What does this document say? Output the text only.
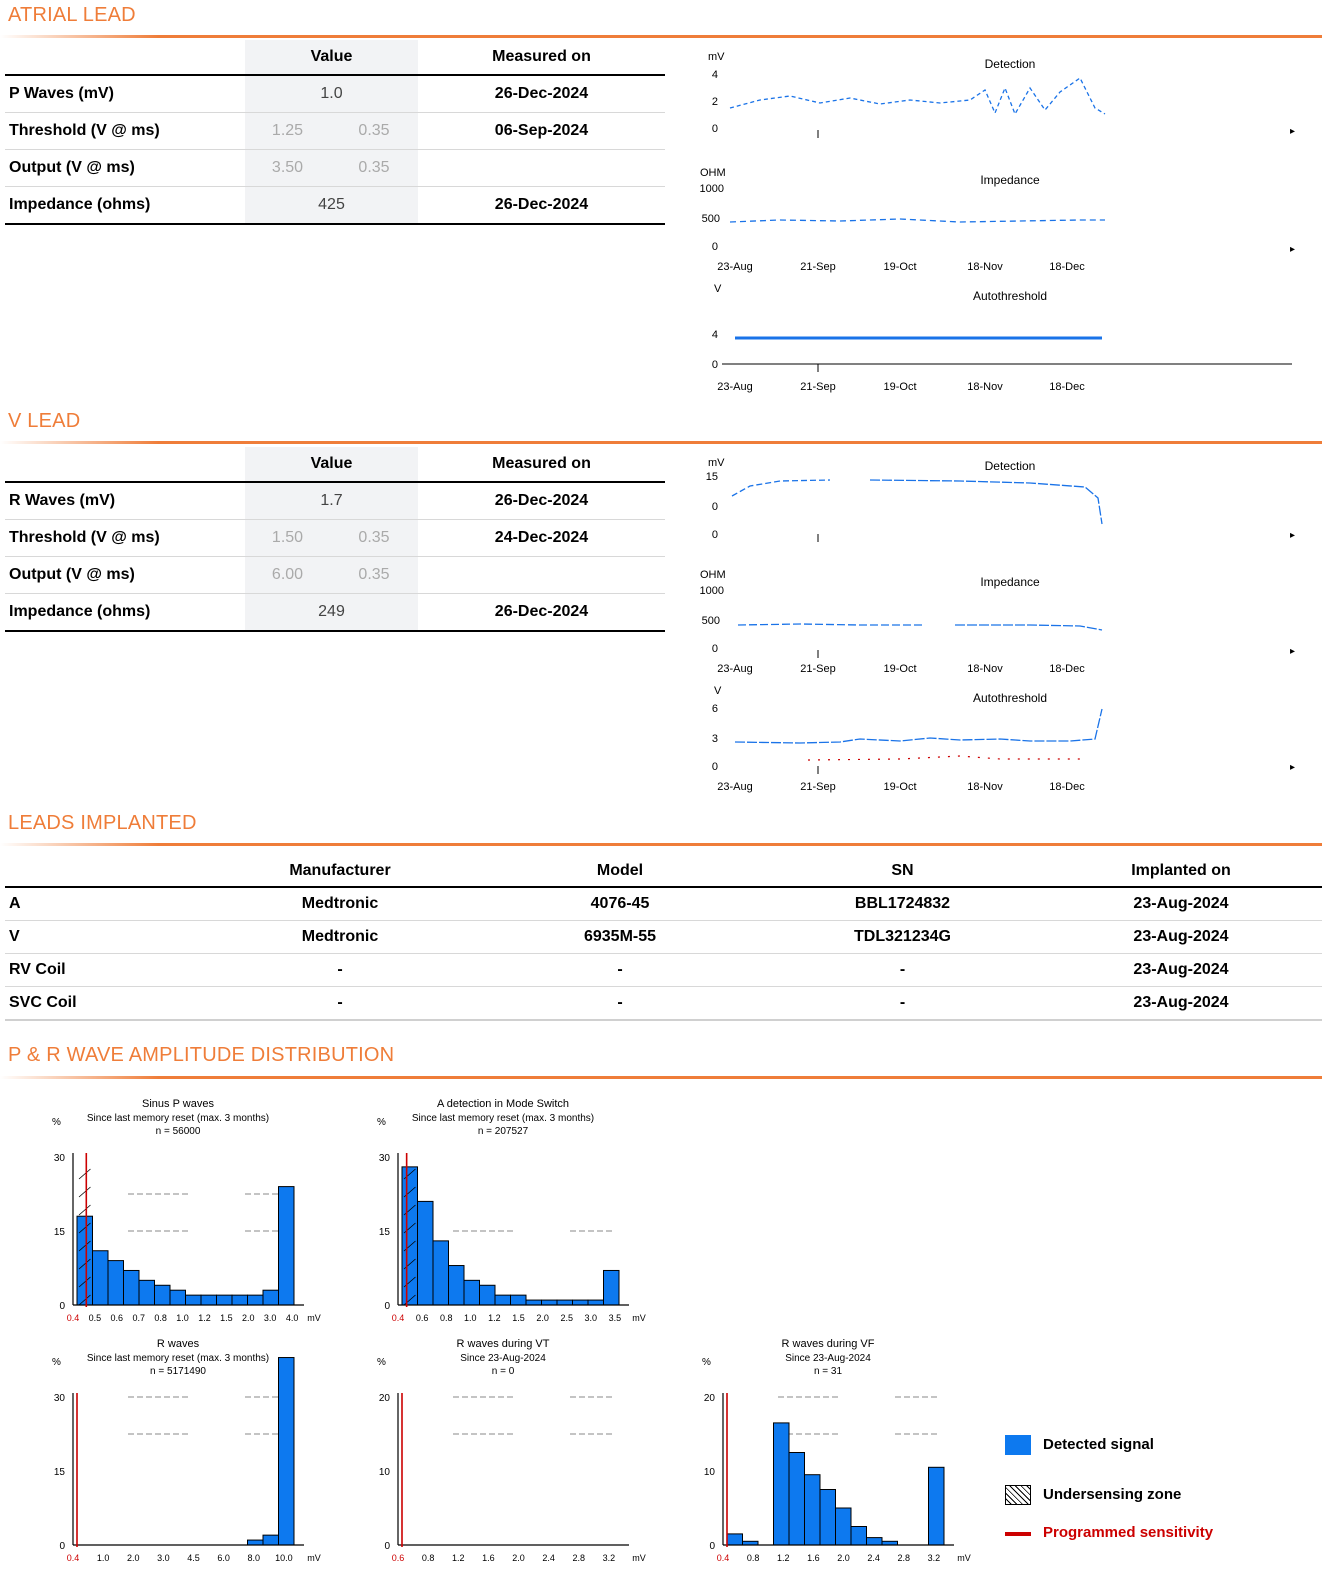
ATRIAL LEAD
	Value		Measured on
P Waves (mV)	1.0		26-Dec-2024
Threshold (V @ ms)	1.25	0.35	06-Sep-2024
Output (V @ ms)	3.50	0.35	
Impedance (ohms)	425		26-Dec-2024
mV
4
2
0
Detection
▸
OHM
1000
500
0
Impedance
▸
23-Aug	21-Sep	19-Oct	18-Nov	18-Dec
V
4
0
Autothreshold
23-Aug	21-Sep	19-Oct	18-Nov	18-Dec
V LEAD
	Value		Measured on
R Waves (mV)	1.7		26-Dec-2024
Threshold (V @ ms)	1.50	0.35	24-Dec-2024
Output (V @ ms)	6.00	0.35	
Impedance (ohms)	249		26-Dec-2024
mV
15
0
0
Detection
▸
OHM
1000
500
0
Impedance
▸
23-Aug	21-Sep	19-Oct	18-Nov	18-Dec
V
6
3
0
Autothreshold
▸
23-Aug	21-Sep	19-Oct	18-Nov	18-Dec
LEADS IMPLANTED
	Manufacturer	Model	SN	Implanted on
A	Medtronic	4076-45	BBL1724832	23-Aug-2024
V	Medtronic	6935M-55	TDL321234G	23-Aug-2024
RV Coil	-	-	-	23-Aug-2024
SVC Coil	-	-	-	23-Aug-2024
P & R WAVE AMPLITUDE DISTRIBUTION
Sinus P waves
Since last memory reset (max. 3 months)
n = 56000
%
30
15
0
0.4 0.5 0.6 0.7 0.8 1.0 1.2 1.5 2.0 3.0 4.0 mV
A detection in Mode Switch
Since last memory reset (max. 3 months)
n = 207527
%
30
15
0
0.4 0.6 0.8 1.0 1.2 1.5 2.0 2.5 3.0 3.5 mV
R waves
Since last memory reset (max. 3 months)
n = 5171490
%
30
15
0
0.4 1.0 2.0 3.0 4.5 6.0 8.0 10.0 mV
R waves during VT
Since 23-Aug-2024
n = 0
%
20
10
0
0.6 0.8 1.2 1.6 2.0 2.4 2.8 3.2 mV
R waves during VF
Since 23-Aug-2024
n = 31
%
20
10
0
0.4 0.8 1.2 1.6 2.0 2.4 2.8 3.2 mV
Detected signal
Undersensing zone
Programmed sensitivity
